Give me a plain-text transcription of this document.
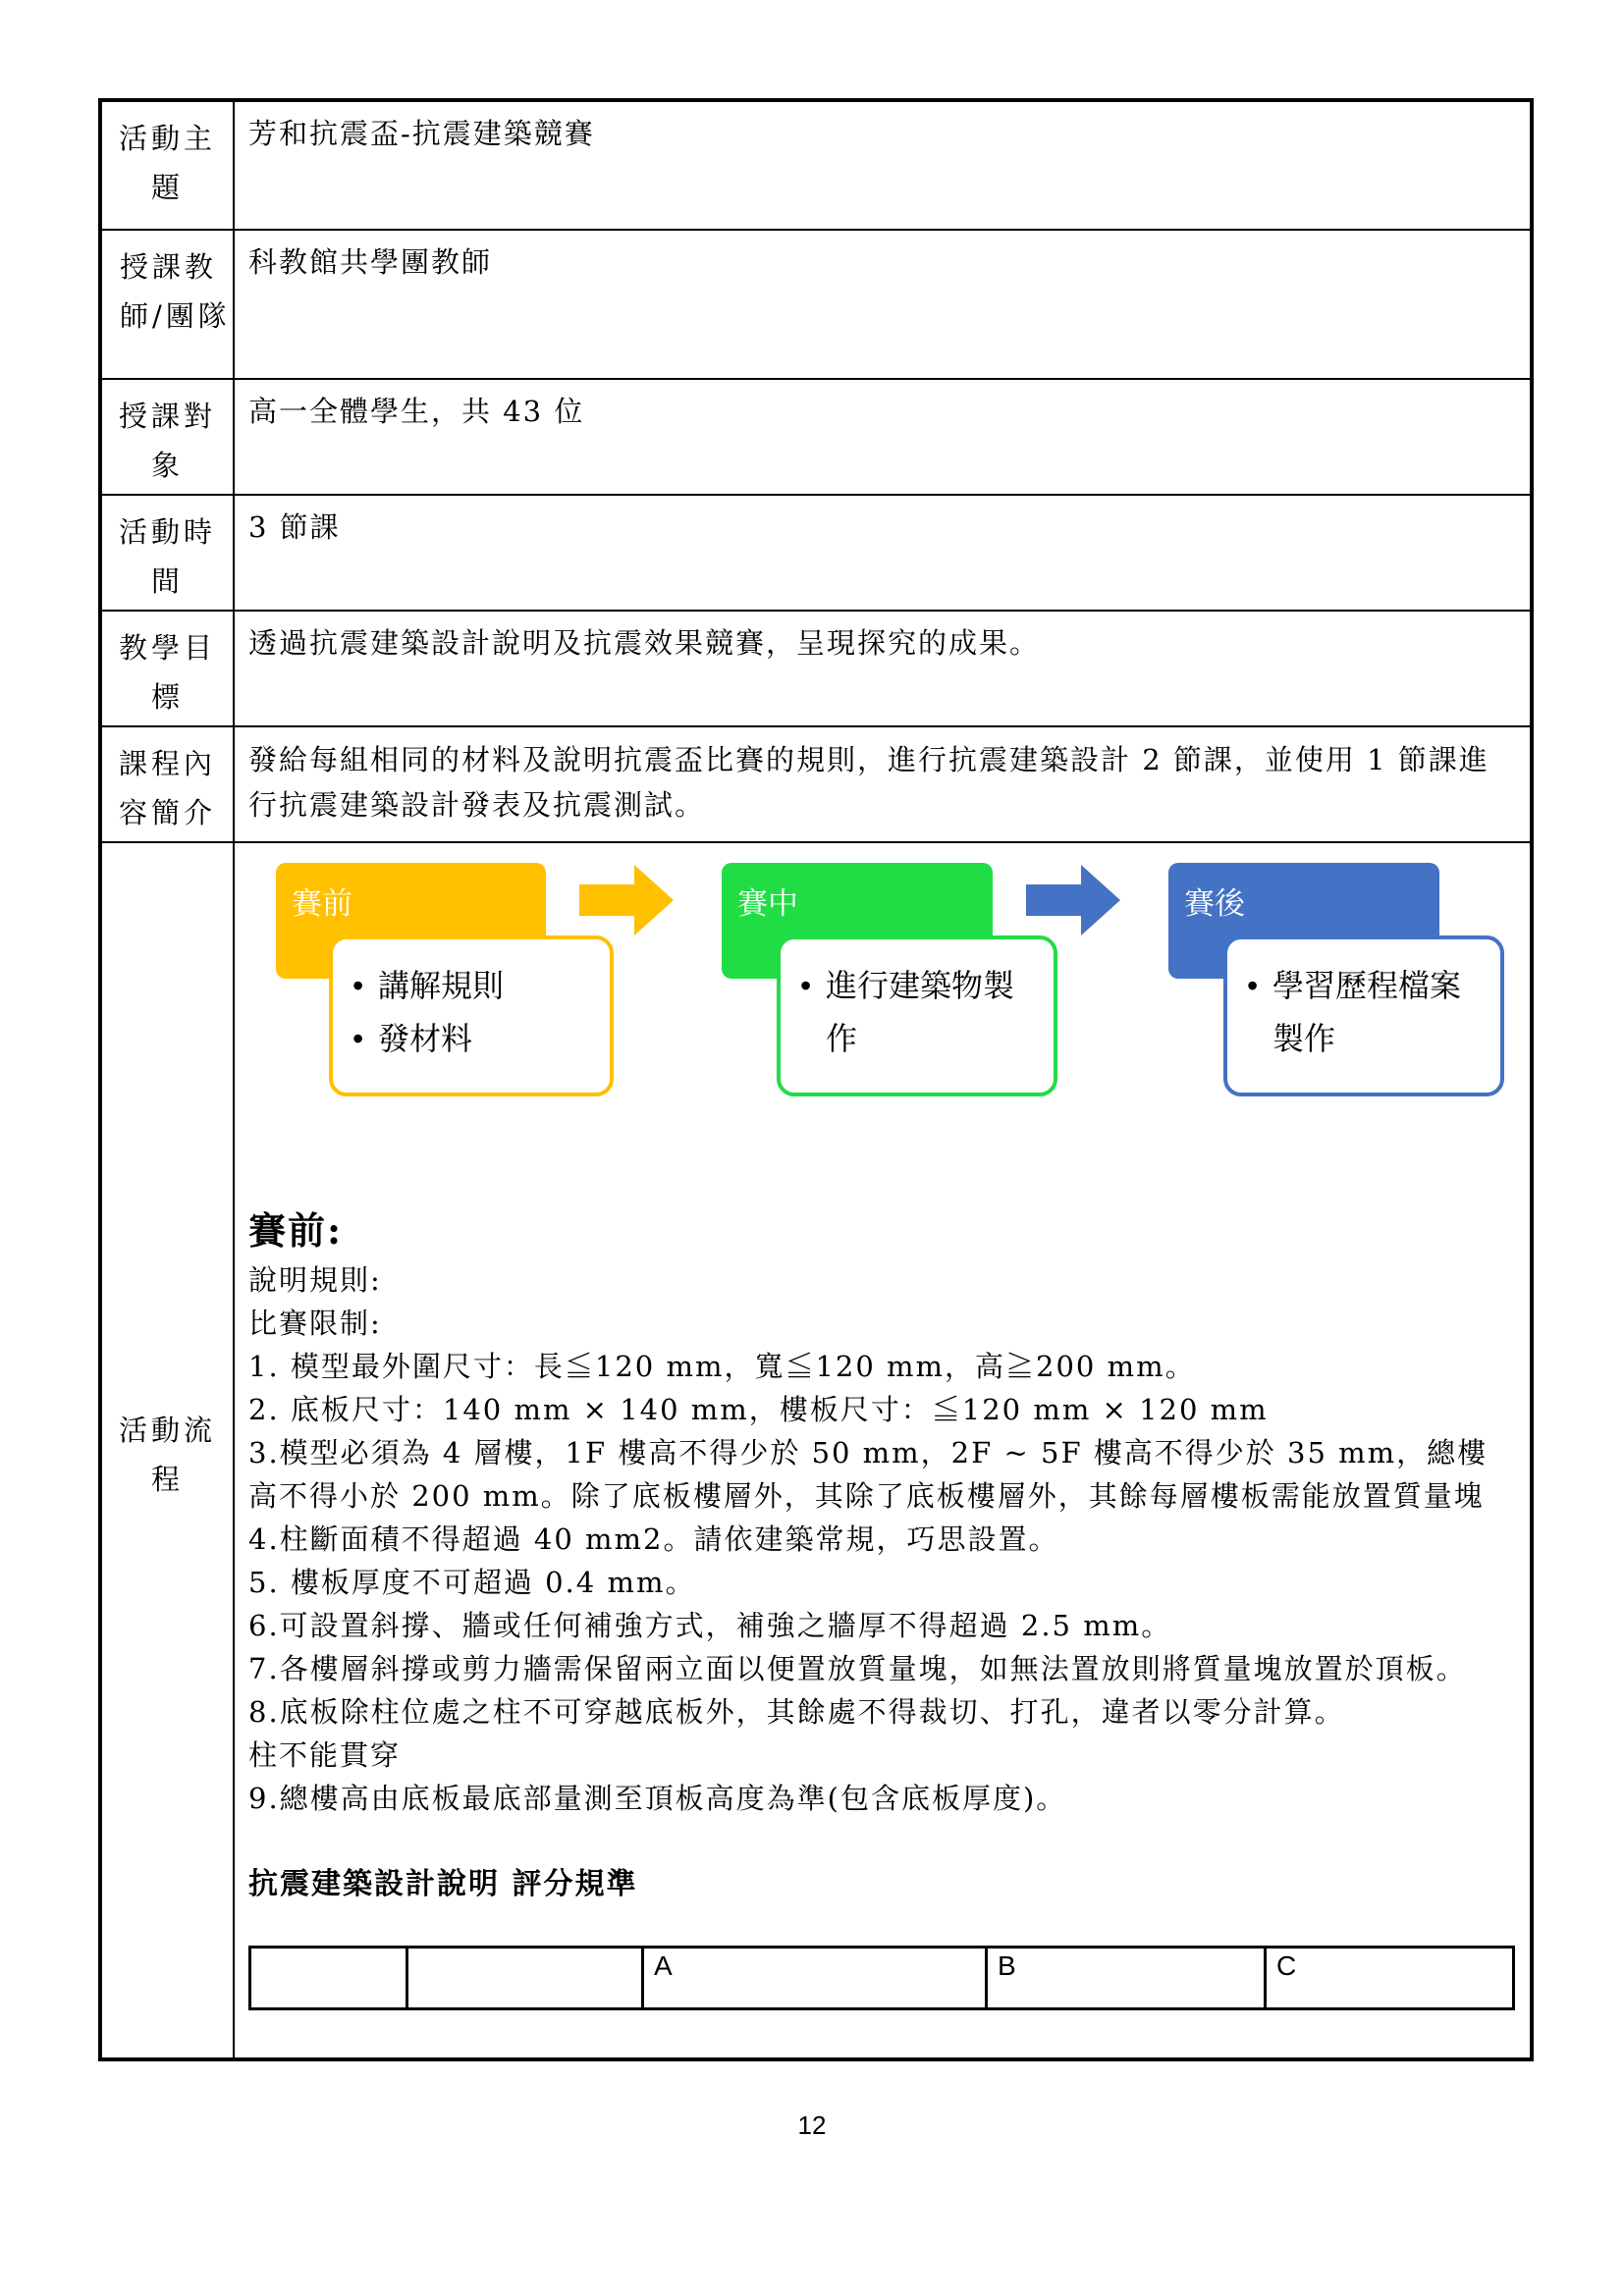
活動主題	芳和抗震盃-抗震建築競賽
授課教師/團隊	科教館共學團教師
授課對象	高一全體學生，共 43 位
活動時間	3 節課
教學目標	透過抗震建築設計說明及抗震效果競賽，呈現探究的成果。
課程內容簡介	發給每組相同的材料及說明抗震盃比賽的規則，進行抗震建築設計 2 節課，並使用 1 節課進行抗震建築設計發表及抗震測試。
活動流程	
賽前
• 講解規則
• 發材料
賽中
• 進行建築物製作
賽後
• 學習歷程檔案製作
賽前:

說明規則:

比賽限制:

1. 模型最外圍尺寸：長≦120 mm，寬≦120 mm，高≧200 mm。

2. 底板尺寸：140 mm × 140 mm，樓板尺寸：≦120 mm × 120 mm

3.模型必須為 4 層樓，1F 樓高不得少於 50 mm，2F ~ 5F 樓高不得少於 35 mm，總樓高不得小於 200 mm。除了底板樓層外，其除了底板樓層外，其餘每層樓板需能放置質量塊

4.柱斷面積不得超過 40 mm2。請依建築常規，巧思設置。

5. 樓板厚度不可超過 0.4 mm。

6.可設置斜撐、牆或任何補強方式，補強之牆厚不得超過 2.5 mm。

7.各樓層斜撐或剪力牆需保留兩立面以便置放質量塊，如無法置放則將質量塊放置於頂板。

8.底板除柱位處之柱不可穿越底板外，其餘處不得裁切、打孔，違者以零分計算。

柱不能貫穿

9.總樓高由底板最底部量測至頂板高度為準(包含底板厚度)。

抗震建築設計說明 評分規準
		A	B	C
12
